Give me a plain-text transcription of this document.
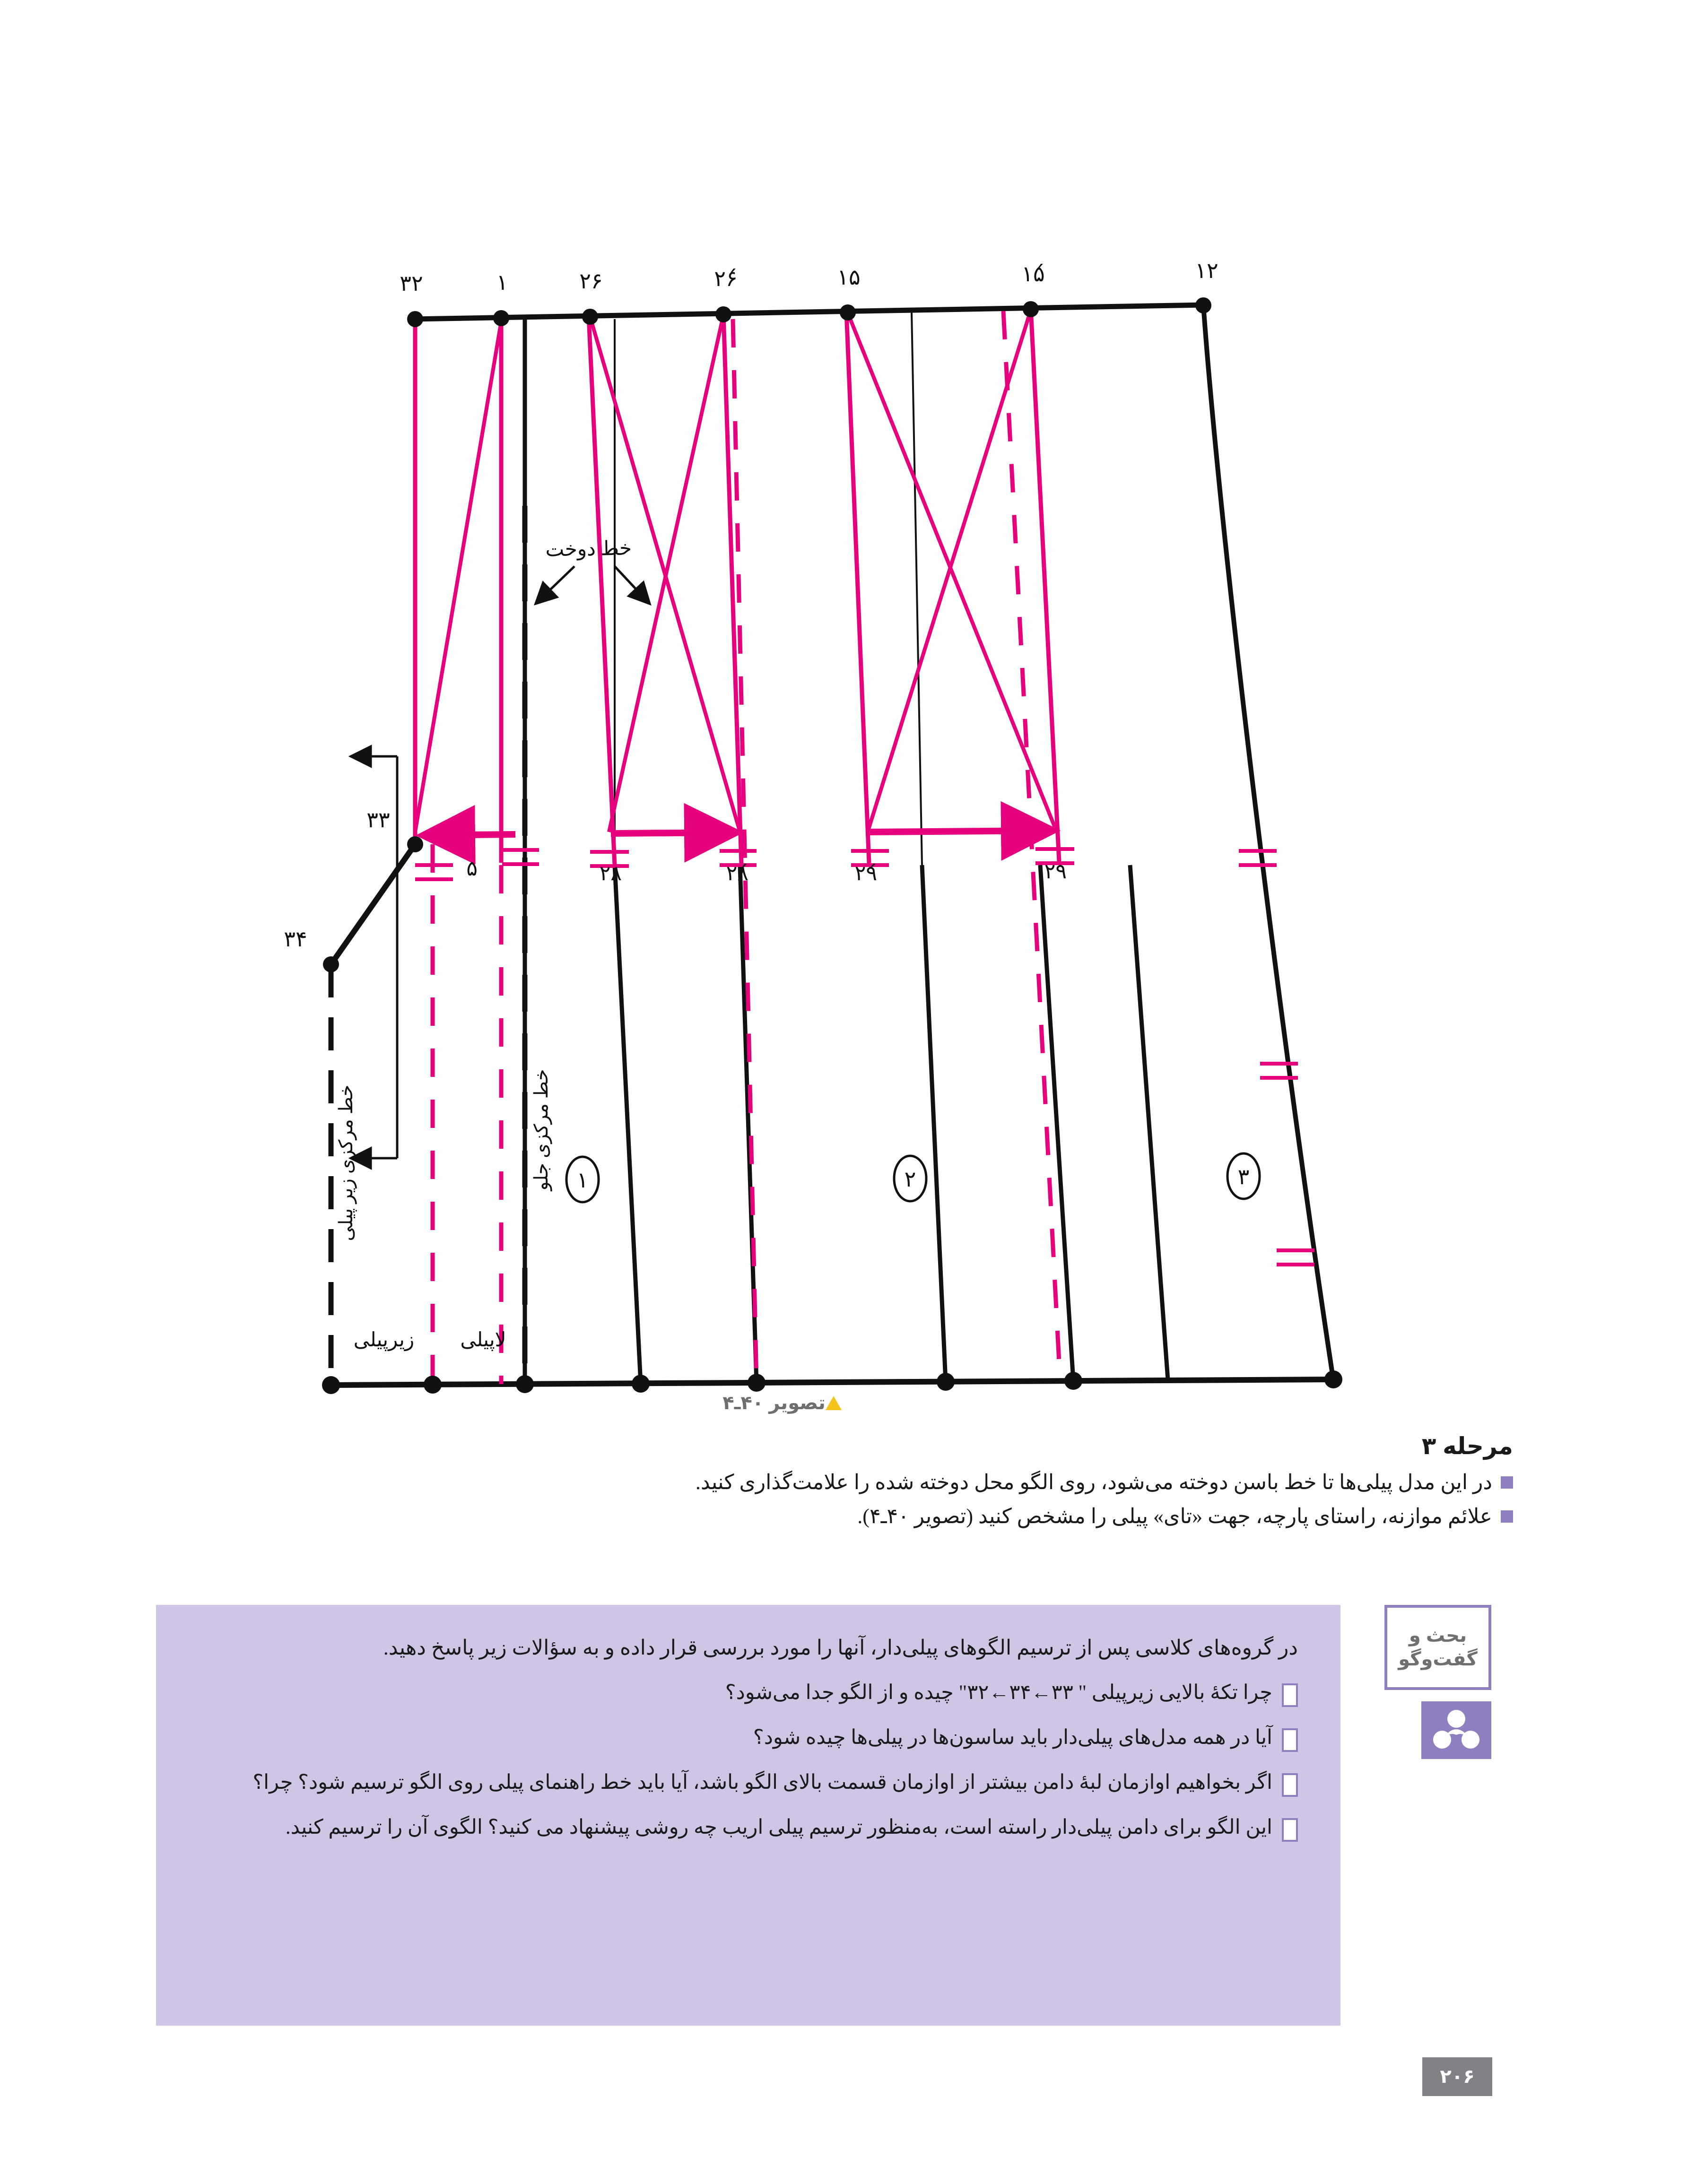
خط دوخت
۳۲	۱	۲۶	۲۶́	۱۵	۱۵́	۱۲
۳۳
۳۴
۵	۲۸	۲۸́	۲۹́	۲۹
۱	۲	۳
خط مرکزی زیر پیلی	خط مرکزی جلو
زیرپیلی لاپیلی
تصویر ۴۰ـ۴
مرحله ۳
در این مدل پیلی‌ها تا خط باسن دوخته می‌شود، روی الگو محل دوخته شده را علامت‌گذاری کنید.
علائم موازنه، راستای پارچه، جهت «تای» پیلی را مشخص کنید (تصویر ۴۰ـ۴).
در گروه‌های کلاسی پس از ترسیم الگوهای پیلی‌دار، آنها را مورد بررسی قرار داده و به سؤالات زیر پاسخ دهید.
چرا تکهٔ بالایی زیرپیلی " ۳۳←۳۴←۳۲" چیده و از الگو جدا می‌شود؟
آیا در همه مدل‌های پیلی‌دار باید ساسون‌ها در پیلی‌ها چیده شود؟
اگر بخواهیم اوازمان لبهٔ دامن بیشتر از اوازمان قسمت بالای الگو باشد، آیا باید خط راهنمای پیلی روی الگو ترسیم شود؟ چرا؟
این الگو برای دامن پیلی‌دار راسته است، به‌منظور ترسیم پیلی اریب چه روشی پیشنهاد می کنید؟ الگوی آن را ترسیم کنید.
بحث و
گفت‌وگو
۲۰۶
